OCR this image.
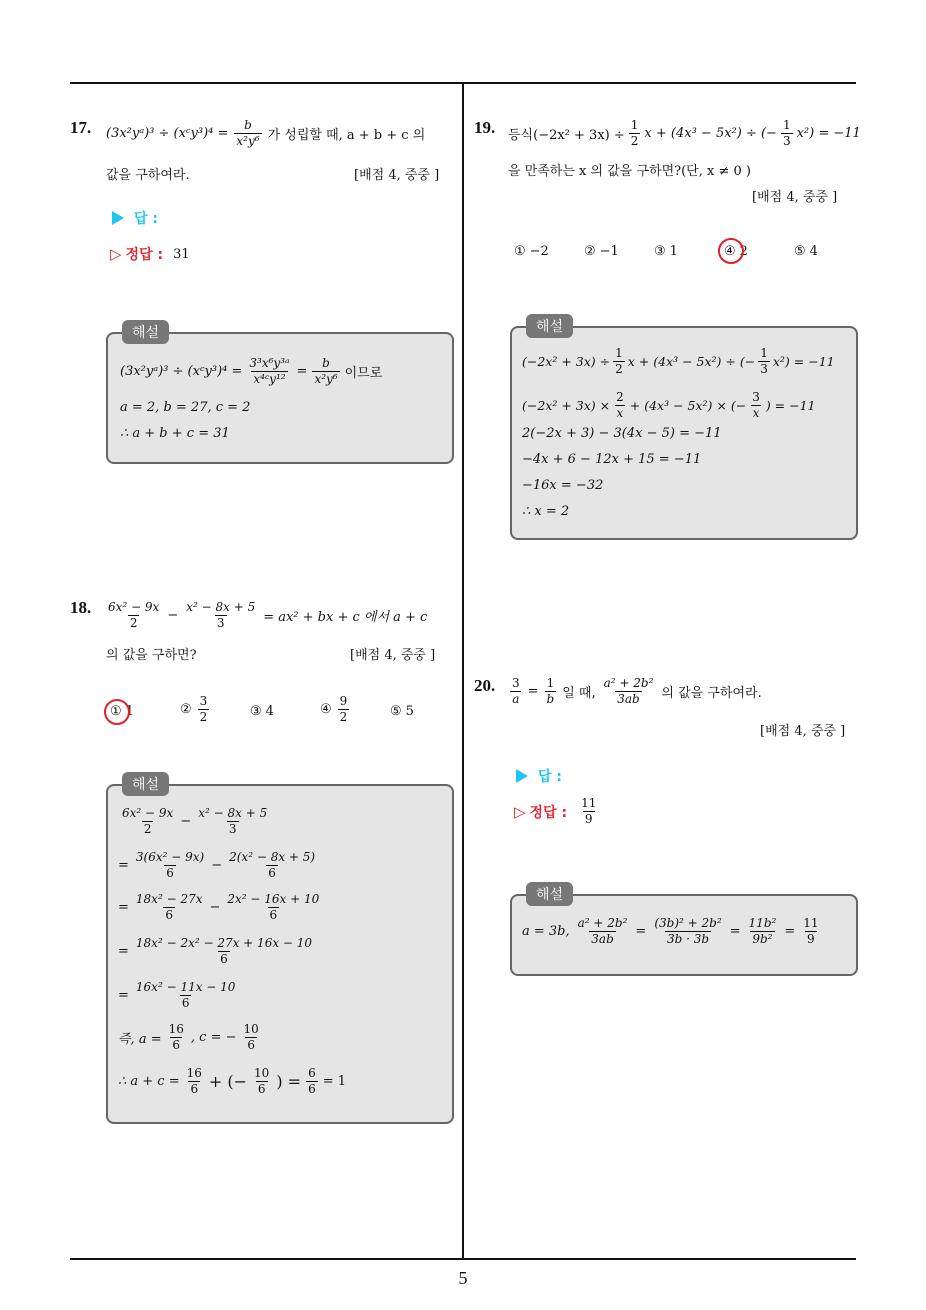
5
17. (3x²yᵃ)³ ÷ (xᶜy³)⁴ = $\frac{b}{\text{x²y⁶}}$ 가 성립할 때, a + b + c 의
값을 구하여라.	[배점 4, 중중 ]
답 :
▷ 정답 : 31
해설
(3x²yᵃ)³ ÷ (xᶜy³)⁴ = $\frac{\text{3³x⁶y³ᵃ}}{\text{x⁴ᶜy¹²}} = \frac{b}{\text{x²y⁶}}$ 이므로
a = 2, b = 27, c = 2
∴ a + b + c = 31
18. $\frac{\text{6x² − 9x}}{2} - \frac{\text{x² − 8x + 5}}{3} = ax^2$ + bx + c 에서 a + c
의 값을 구하면?	[배점 4, 중중 ]
① 1	② $\frac{3}{2}$	③ 4	④ $\frac{9}{2}$	⑤ 5
해설
$\frac{\text{6x² − 9x}}{2} - \frac{\text{x² − 8x + 5}}{3}$
= $\frac{\text{3(6x² − 9x)}}{6} - \frac{\text{2(x² − 8x + 5)}}{6}$
= $\frac{\text{18x² − 27x}}{6} - \frac{\text{2x² − 16x + 10}}{6}$
= $\frac{\text{18x² − 2x² − 27x + 16x − 10}}{6}$
= $\frac{\text{16x² − 11x − 10}}{6}$
즉, $a = \frac{16}{6}$ , c = − $\frac{10}{6}$
∴ $a + c = \frac{16}{6}$ + (− $\frac{10}{6}$ ) = $\frac{6}{6} = 1$
19. 등식$(-2x^2 + 3x) \div \frac{1}{2}$ x + (4x³ − 5x²) ÷ (− $\frac{1}{3} x^2) = -11$
을 만족하는 x 의 값을 구하면?(단, x ≠ 0 )
[배점 4, 중중 ]
① −2	② −1	③ 1	④ 2	⑤ 4
해설
$(-2x^2 + 3x) \div \frac{1}{2}$ x + (4x³ − 5x²) ÷ (− $\frac{1}{3} x^2) = -11$
$(-2x^2 + 3x) \times \frac{2}{x} + (4x^3 - 5x^2)$ × (− $\frac{3}{x}$ ) = −11
2(−2x + 3) − 3(4x − 5) = −11
−4x + 6 − 12x + 15 = −11
−16x = −32
∴ x = 2
20. $\frac{3}{a} = \frac{1}{b}$ 일 때, $\frac{\text{a² + 2b²}}{3ab}$ 의 값을 구하여라.
[배점 4, 중중 ]
답 :
▷ 정답 : $\frac{11}{9}$
해설
a = 3b, $\frac{\text{a² + 2b²}}{3ab} = \frac{\text{(3b)² + 2b²}}{3b \cdot 3b} = \frac{\text{11b²}}{\text{9b²}} = \frac{11}{9}$
